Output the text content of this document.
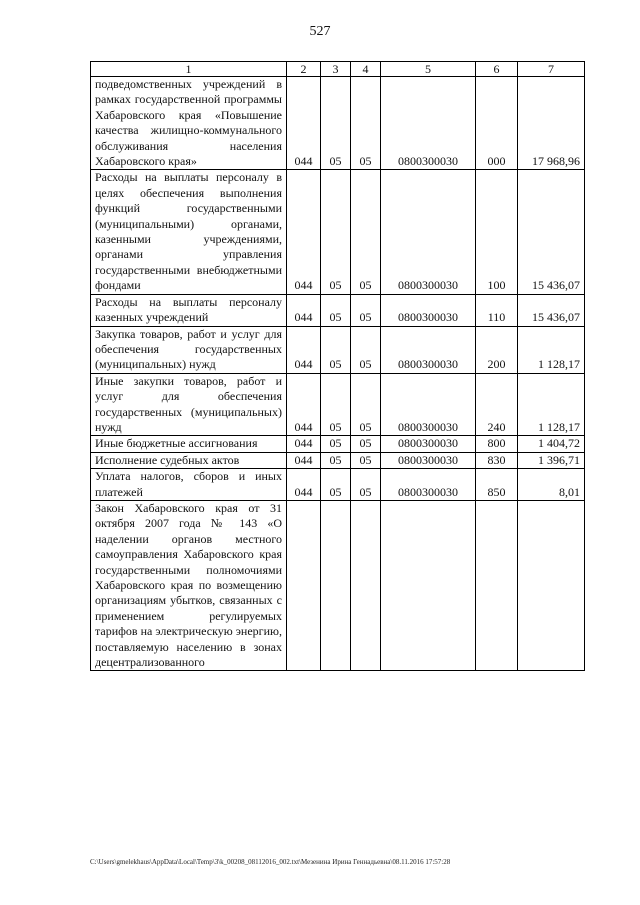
527
1	2	3	4	5	6	7
подведомственных учреждений в рамках государственной программы Хабаровского края «Повышение качества жилищно-коммунального обслуживания населения Хабаровского края»	044	05	05	0800300030	000	17 968,96
Расходы на выплаты персоналу в целях обеспечения выполнения функций государственными (муниципальными) органами, казенными учреждениями, органами управления государственными внебюджетными фондами	044	05	05	0800300030	100	15 436,07
Расходы на выплаты персоналу казенных учреждений	044	05	05	0800300030	110	15 436,07
Закупка товаров, работ и услуг для обеспечения государственных (муниципальных) нужд	044	05	05	0800300030	200	1 128,17
Иные закупки товаров, работ и услуг для обеспечения государственных (муниципальных) нужд	044	05	05	0800300030	240	1 128,17
Иные бюджетные ассигнования	044	05	05	0800300030	800	1 404,72
Исполнение судебных актов	044	05	05	0800300030	830	1 396,71
Уплата налогов, сборов и иных платежей	044	05	05	0800300030	850	8,01
Закон Хабаровского края от 31 октября 2007 года № 143 «О наделении органов местного самоуправления Хабаровского края государственными полномочиями Хабаровского края по возмещению организациям убытков, связанных с применением регулируемых тарифов на электрическую энергию, поставляемую населению в зонах децентрализованного						
C:\Users\gmelekhaus\AppData\Local\Temp\3\k_00208_08112016_002.txt\Мезенина Ирина Геннадьевна\08.11.2016 17:57:28
